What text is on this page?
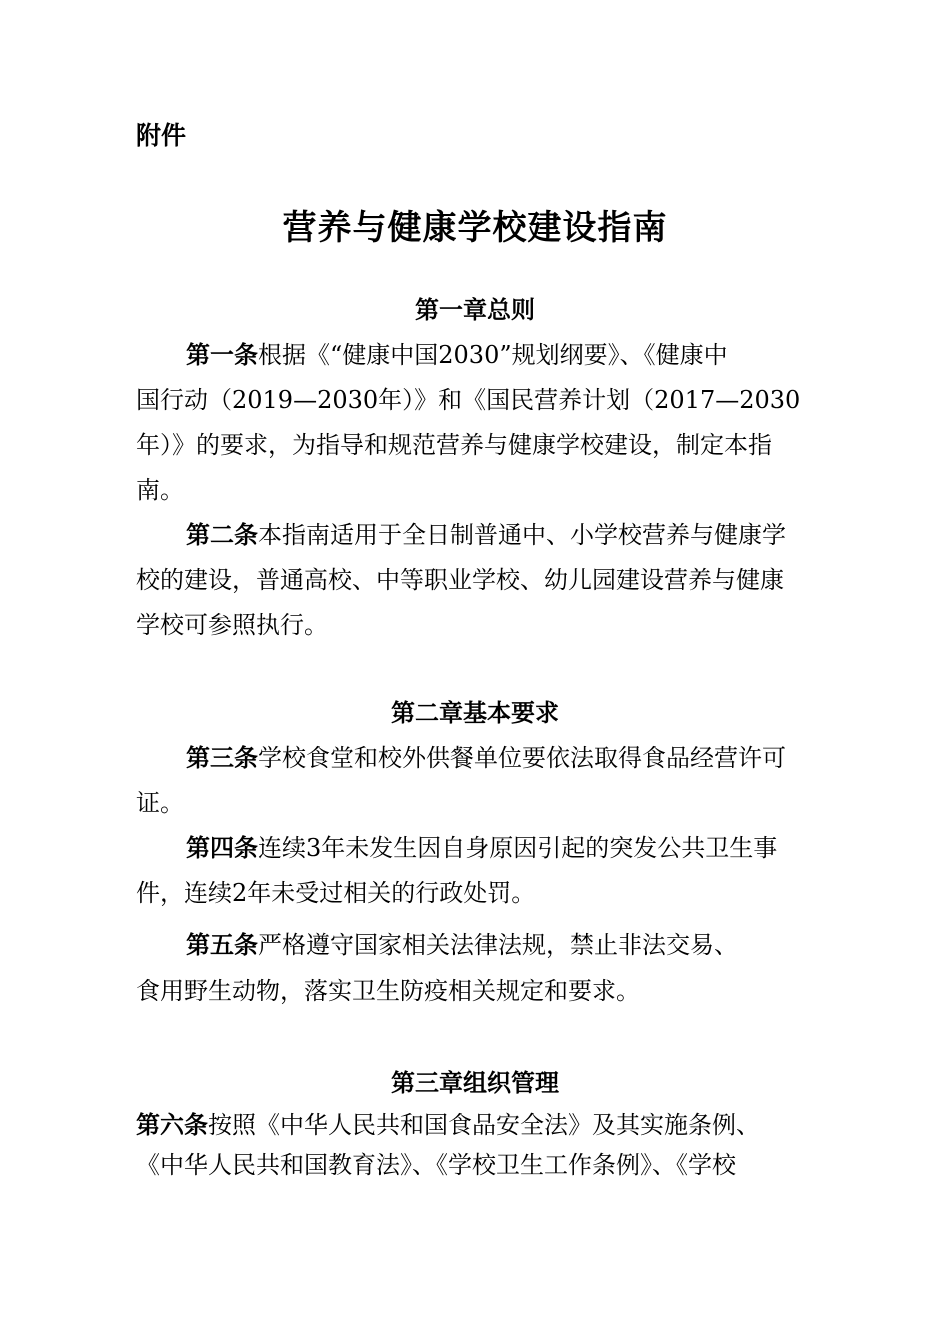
附件
营养与健康学校建设指南
第一章总则
第一条根据《“健康中国2030”规划纲要》、《健康中
国行动（2019—2030年）》和《国民营养计划（2017—2030
年）》的要求，为指导和规范营养与健康学校建设，制定本指
南。
第二条本指南适用于全日制普通中、小学校营养与健康学
校的建设，普通高校、中等职业学校、幼儿园建设营养与健康
学校可参照执行。
第二章基本要求
第三条学校食堂和校外供餐单位要依法取得食品经营许可
证。
第四条连续3年未发生因自身原因引起的突发公共卫生事
件，连续2年未受过相关的行政处罚。
第五条严格遵守国家相关法律法规，禁止非法交易、
食用野生动物，落实卫生防疫相关规定和要求。
第三章组织管理
第六条按照《中华人民共和国食品安全法》及其实施条例、
《中华人民共和国教育法》、《学校卫生工作条例》、《学校
